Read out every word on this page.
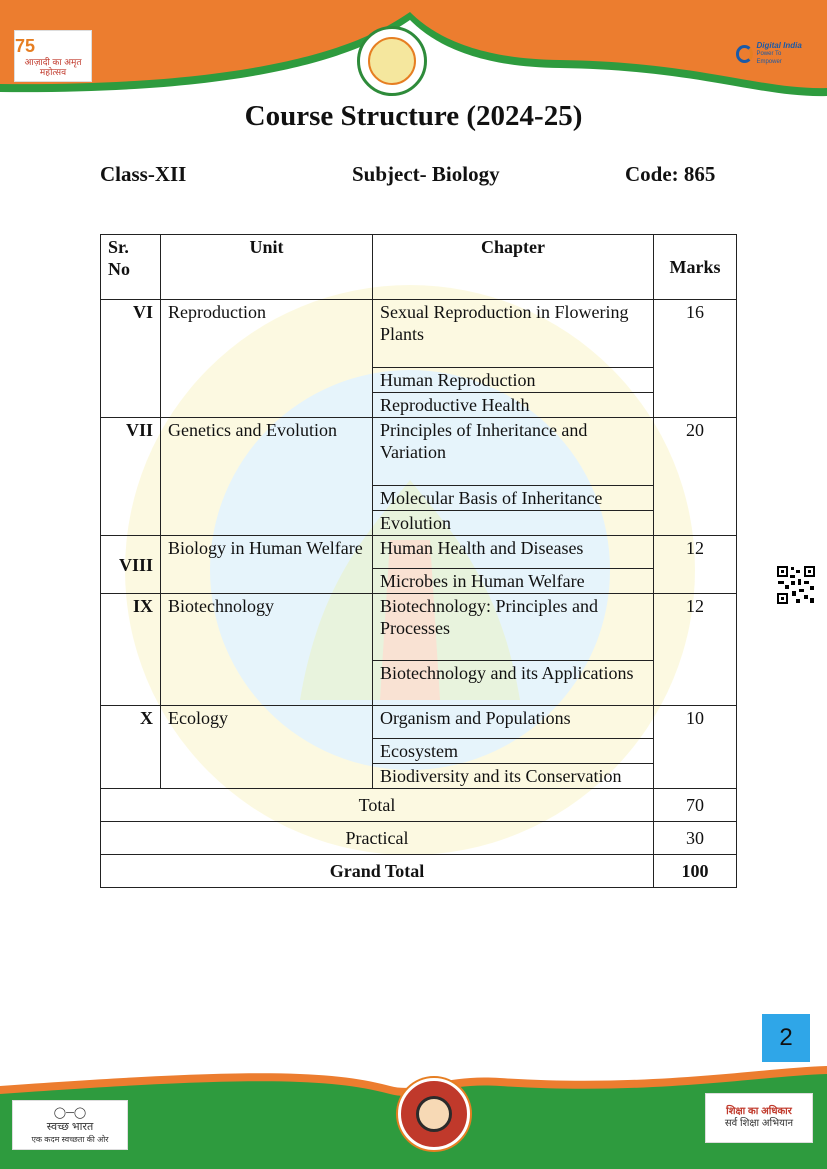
75
आज़ादी का अमृत महोत्सव
Digital India
Power To Empower
Course Structure (2024-25)
Class-XII	Subject- Biology	Code: 865
Sr. No	Unit	Chapter	Marks
VI	Reproduction	Sexual Reproduction in Flowering Plants	16
		Human Reproduction	
		Reproductive Health	
VII	Genetics and Evolution	Principles of Inheritance and Variation	20
		Molecular Basis of Inheritance	
		Evolution	
VIII	Biology in Human Welfare	Human Health and Diseases	12
		Microbes in Human Welfare	
IX	Biotechnology	Biotechnology: Principles and Processes	12
		Biotechnology and its Applications	
X	Ecology	Organism and Populations	10
		Ecosystem	
		Biodiversity and its Conservation	
Total			70
Practical			30
Grand Total			100
2
◯─◯
स्वच्छ भारत
एक कदम स्वच्छता की ओर
शिक्षा का अधिकार
सर्व शिक्षा अभियान
